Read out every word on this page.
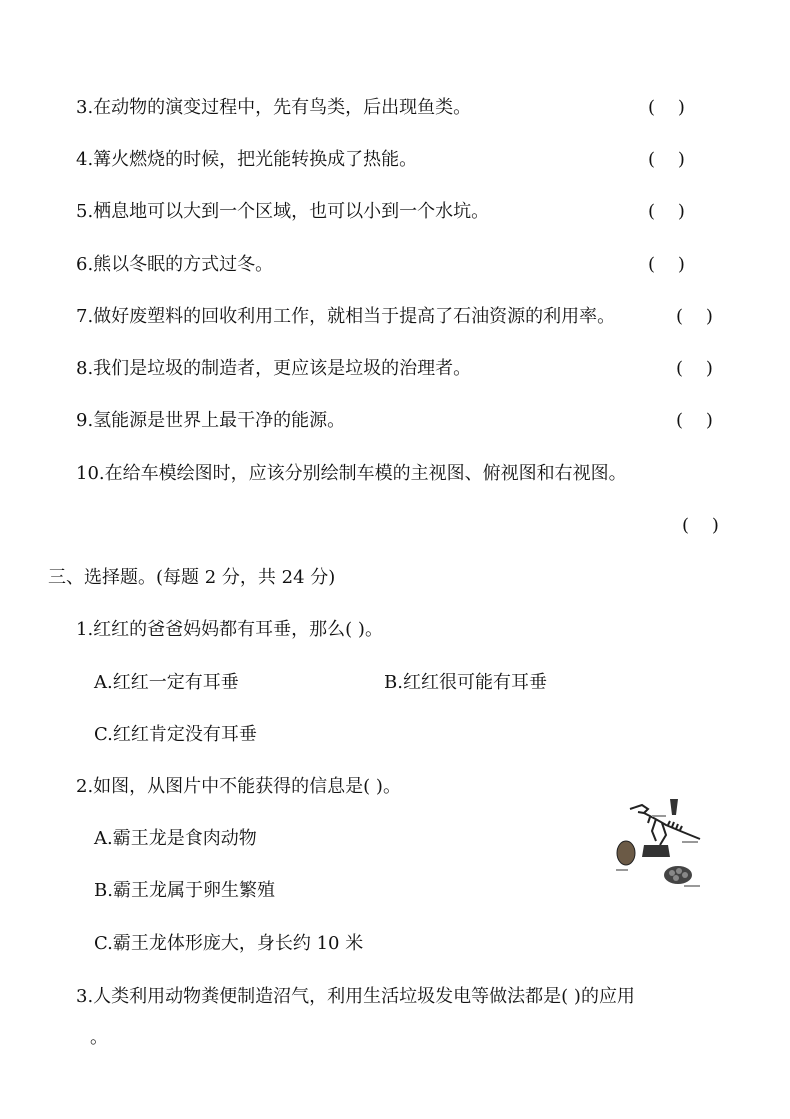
3.在动物的演变过程中，先有鸟类，后出现鱼类。	(    )
4.篝火燃烧的时候，把光能转换成了热能。	(    )
5.栖息地可以大到一个区域，也可以小到一个水坑。	(    )
6.熊以冬眠的方式过冬。	(    )
7.做好废塑料的回收利用工作，就相当于提高了石油资源的利用率。	(    )
8.我们是垃圾的制造者，更应该是垃圾的治理者。	(    )
9.氢能源是世界上最干净的能源。	(    )
10.在给车模绘图时，应该分别绘制车模的主视图、俯视图和右视图。
(    )
三、选择题。(每题 2 分，共 24 分)
1.红红的爸爸妈妈都有耳垂，那么( )。
A.红红一定有耳垂	B.红红很可能有耳垂
C.红红肯定没有耳垂
2.如图，从图片中不能获得的信息是( )。
A.霸王龙是食肉动物
B.霸王龙属于卵生繁殖
C.霸王龙体形庞大，身长约 10 米
3.人类利用动物粪便制造沼气，利用生活垃圾发电等做法都是( )的应用
。
